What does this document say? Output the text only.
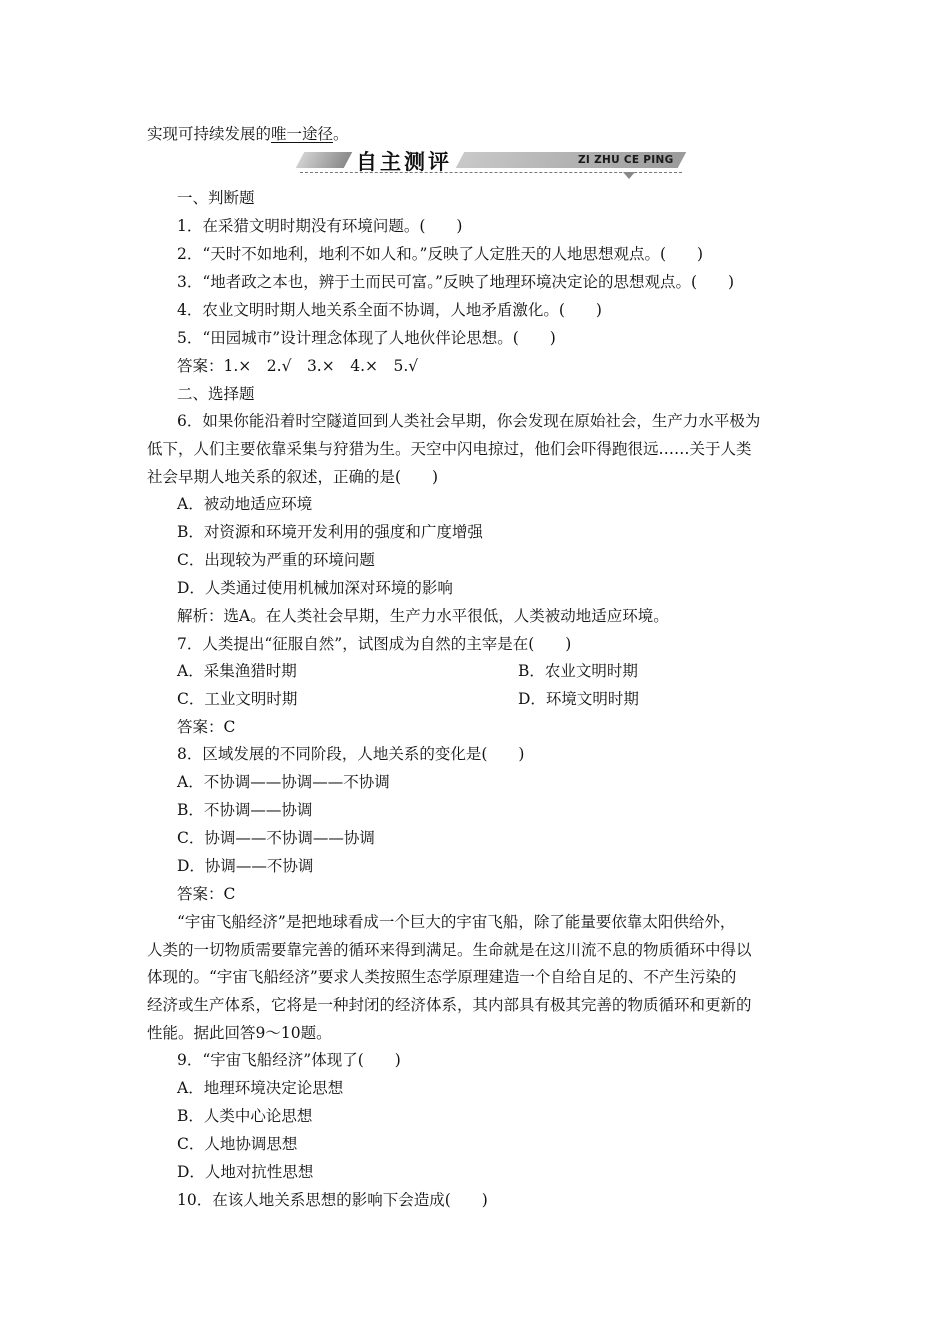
实现可持续发展的唯一途径。
自主测评	ZI ZHU CE PING
一、判断题
1．在采猎文明时期没有环境问题。(　　)
2．“天时不如地利，地利不如人和。”反映了人定胜天的人地思想观点。(　　)
3．“地者政之本也，辨于土而民可富。”反映了地理环境决定论的思想观点。(　　)
4．农业文明时期人地关系全面不协调，人地矛盾激化。(　　)
5．“田园城市”设计理念体现了人地伙伴论思想。(　　)
答案：1.×　2.√　3.×　4.×　5.√
二、选择题
6．如果你能沿着时空隧道回到人类社会早期，你会发现在原始社会，生产力水平极为
低下，人们主要依靠采集与狩猎为生。天空中闪电掠过，他们会吓得跑很远……关于人类
社会早期人地关系的叙述，正确的是(　　)
A．被动地适应环境
B．对资源和环境开发利用的强度和广度增强
C．出现较为严重的环境问题
D．人类通过使用机械加深对环境的影响
解析：选A。在人类社会早期，生产力水平很低，人类被动地适应环境。
7．人类提出“征服自然”，试图成为自然的主宰是在(　　)
A．采集渔猎时期	B．农业文明时期
C．工业文明时期	D．环境文明时期
答案：C
8．区域发展的不同阶段，人地关系的变化是(　　)
A．不协调——协调——不协调
B．不协调——协调
C．协调——不协调——协调
D．协调——不协调
答案：C
“宇宙飞船经济”是把地球看成一个巨大的宇宙飞船，除了能量要依靠太阳供给外，
人类的一切物质需要靠完善的循环来得到满足。生命就是在这川流不息的物质循环中得以
体现的。“宇宙飞船经济”要求人类按照生态学原理建造一个自给自足的、不产生污染的
经济或生产体系，它将是一种封闭的经济体系，其内部具有极其完善的物质循环和更新的
性能。据此回答9～10题。
9．“宇宙飞船经济”体现了(　　)
A．地理环境决定论思想
B．人类中心论思想
C．人地协调思想
D．人地对抗性思想
10．在该人地关系思想的影响下会造成(　　)
